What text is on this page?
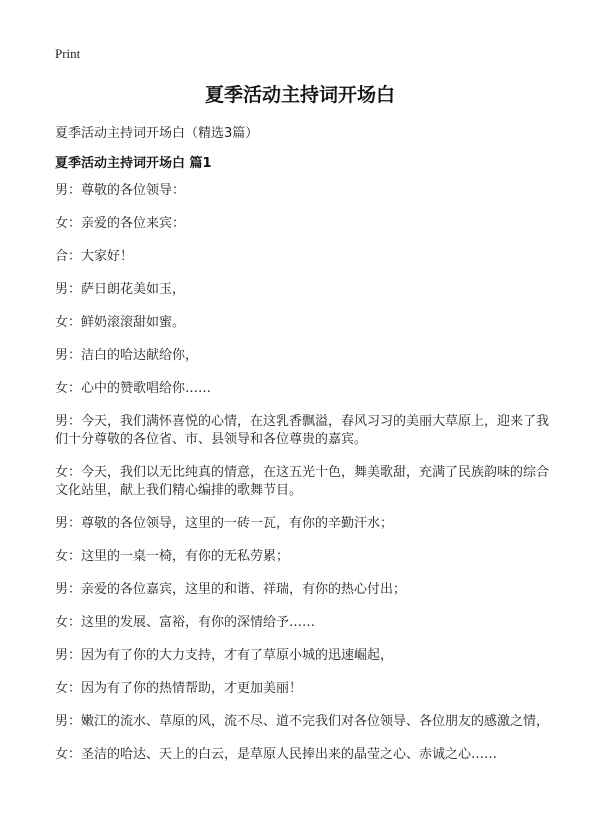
Print
夏季活动主持词开场白
夏季活动主持词开场白（精选3篇）
夏季活动主持词开场白 篇1

男：尊敬的各位领导：

女：亲爱的各位来宾：

合：大家好！

男：萨日朗花美如玉，

女：鲜奶滚滚甜如蜜。

男：洁白的哈达献给你，

女：心中的赞歌唱给你……

男：今天，我们满怀喜悦的心情，在这乳香飘溢，春风习习的美丽大草原上，迎来了我们十分尊敬的各位省、市、县领导和各位尊贵的嘉宾。

女：今天，我们以无比纯真的情意，在这五光十色，舞美歌甜，充满了民族韵味的综合文化站里，献上我们精心编排的歌舞节目。

男：尊敬的各位领导，这里的一砖一瓦，有你的辛勤汗水；

女：这里的一桌一椅，有你的无私劳累；

男：亲爱的各位嘉宾，这里的和谐、祥瑞，有你的热心付出；

女：这里的发展、富裕，有你的深情给予……

男：因为有了你的大力支持，才有了草原小城的迅速崛起，

女：因为有了你的热情帮助，才更加美丽！

男：嫩江的流水、草原的风，流不尽、道不完我们对各位领导、各位朋友的感激之情，

女：圣洁的哈达、天上的白云，是草原人民捧出来的晶莹之心、赤诚之心……
